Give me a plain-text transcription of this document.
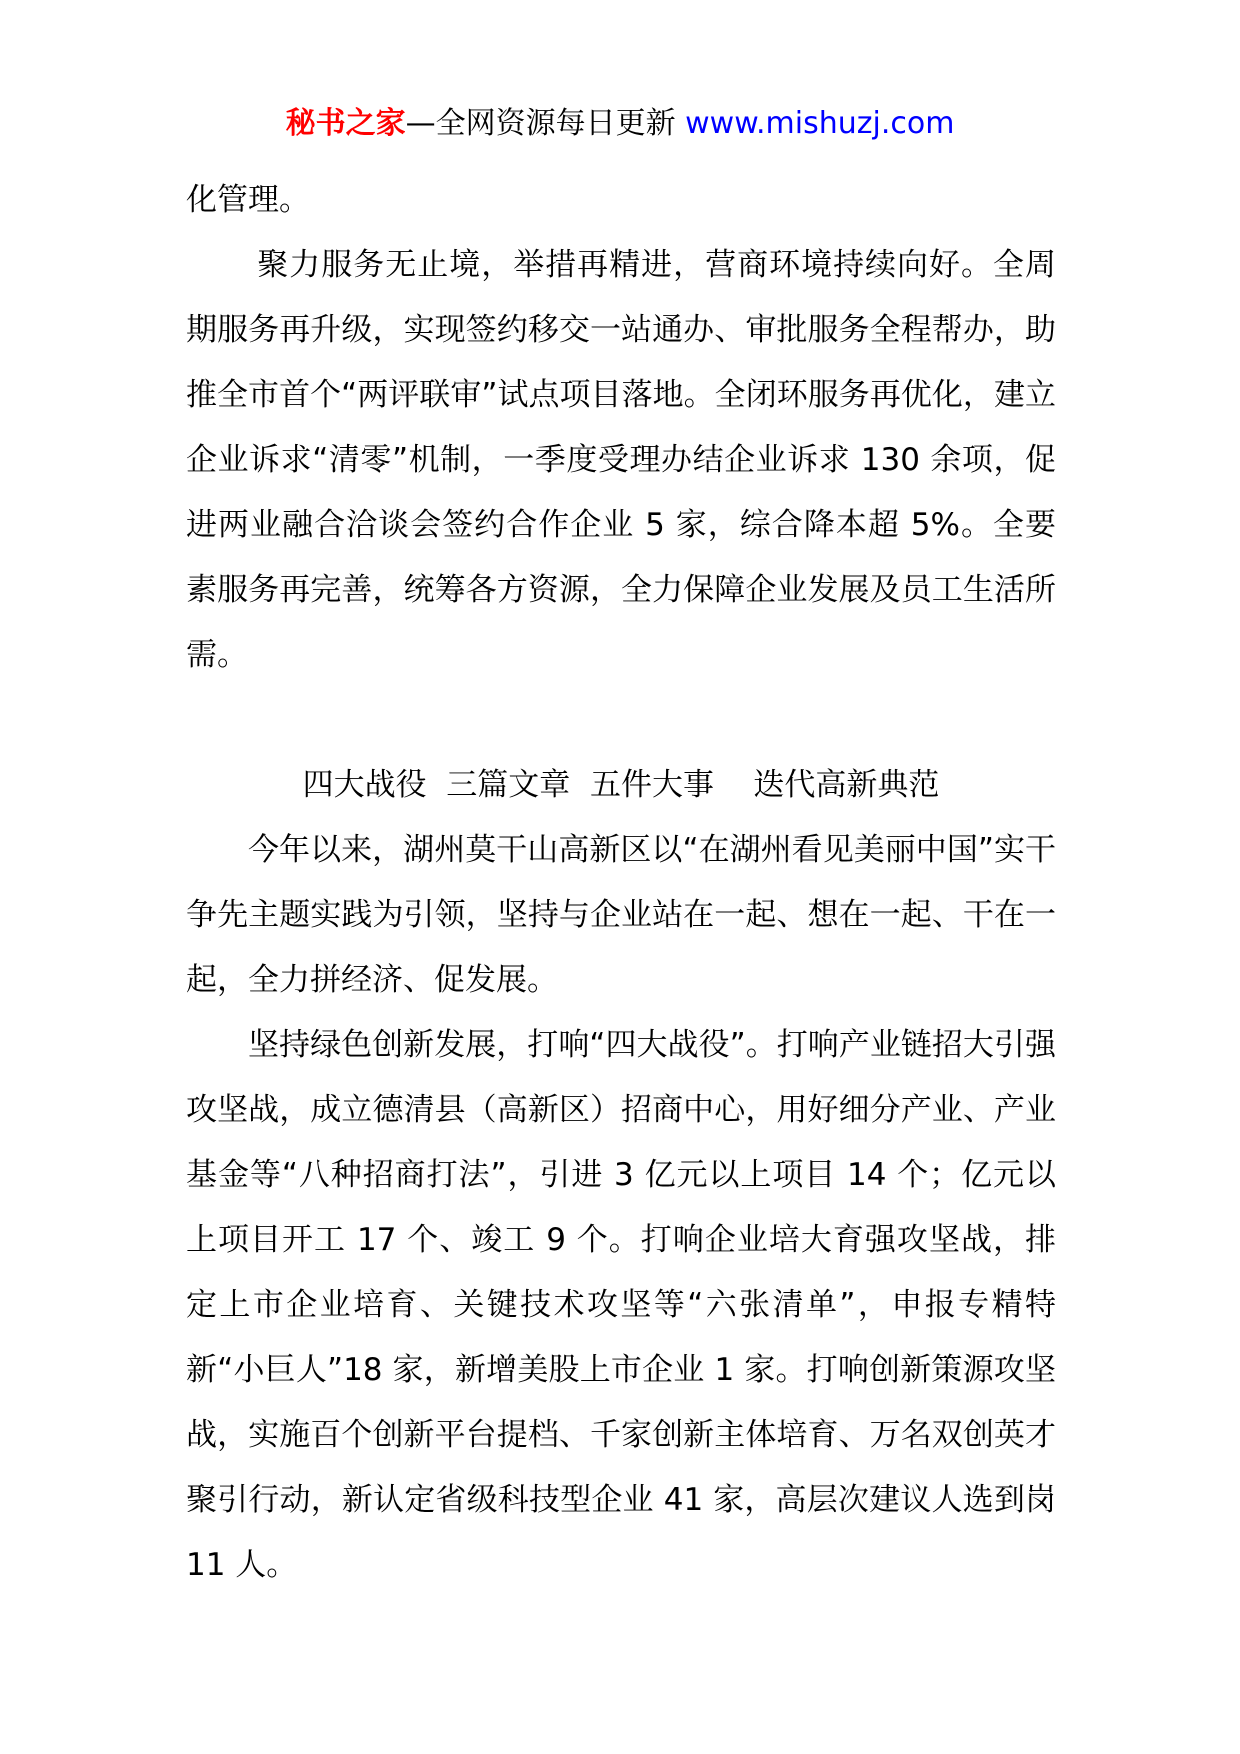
秘书之家—全网资源每日更新 www.mishuzj.com

化管理。

聚力服务无止境，举措再精进，营商环境持续向好。全周期服务再升级，实现签约移交一站通办、审批服务全程帮办，助推全市首个“两评联审”试点项目落地。全闭环服务再优化，建立企业诉求“清零”机制，一季度受理办结企业诉求 130 余项，促进两业融合洽谈会签约合作企业 5 家，综合降本超 5%。全要素服务再完善，统筹各方资源，全力保障企业发展及员工生活所需。

四大战役  三篇文章  五件大事    迭代高新典范

今年以来，湖州莫干山高新区以“在湖州看见美丽中国”实干争先主题实践为引领，坚持与企业站在一起、想在一起、干在一起，全力拼经济、促发展。

坚持绿色创新发展，打响“四大战役”。打响产业链招大引强攻坚战，成立德清县（高新区）招商中心，用好细分产业、产业基金等“八种招商打法”，引进 3 亿元以上项目 14 个；亿元以上项目开工 17 个、竣工 9 个。打响企业培大育强攻坚战，排定上市企业培育、关键技术攻坚等“六张清单”，申报专精特新“小巨人”18 家，新增美股上市企业 1 家。打响创新策源攻坚战，实施百个创新平台提档、千家创新主体培育、万名双创英才聚引行动，新认定省级科技型企业 41 家，高层次建议人选到岗 11 人。
